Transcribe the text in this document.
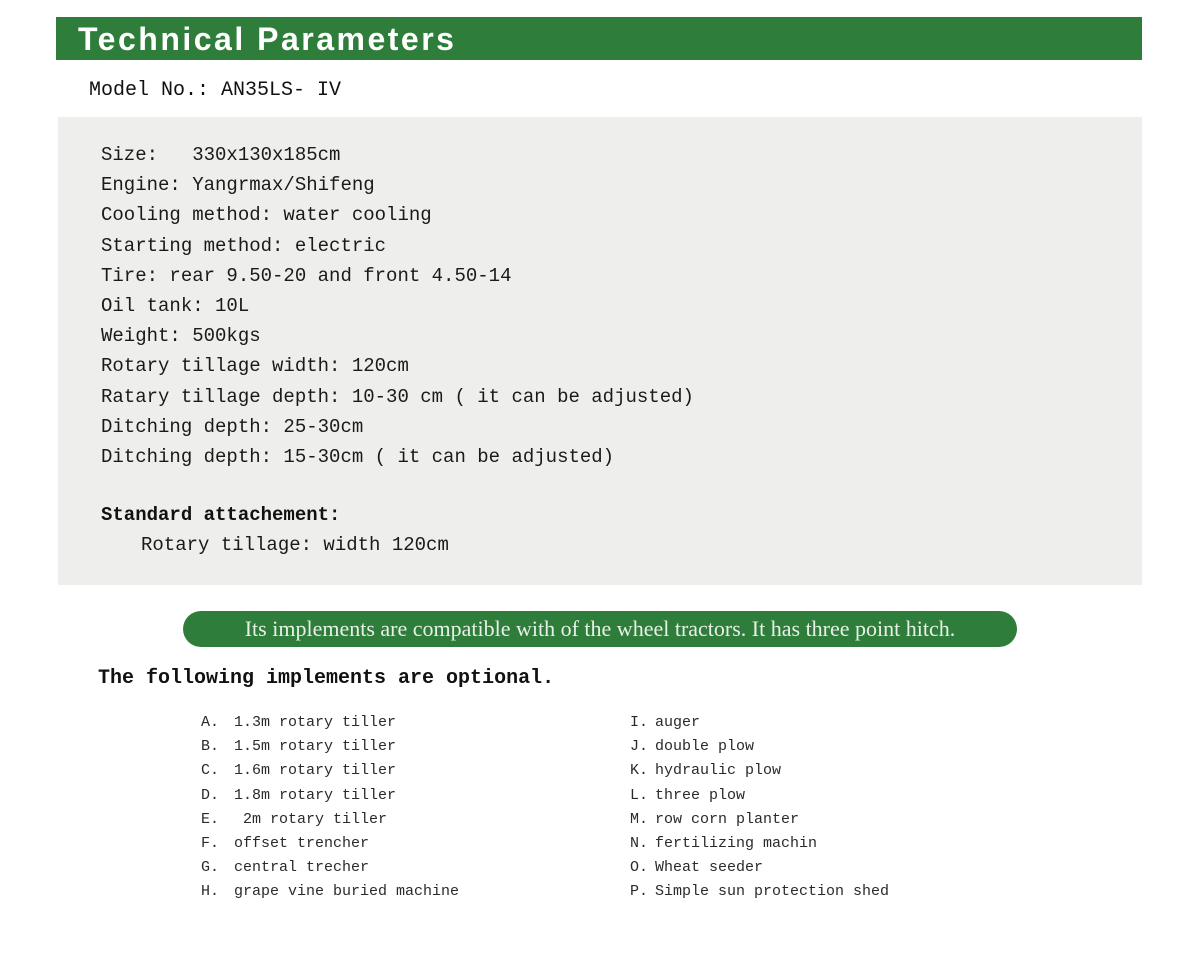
Technical Parameters
Model No.: AN35LS- IV
Size:   330x130x185cm
Engine: Yangrmax/Shifeng
Cooling method: water cooling
Starting method: electric
Tire: rear 9.50-20 and front 4.50-14
Oil tank: 10L
Weight: 500kgs
Rotary tillage width: 120cm
Ratary tillage depth: 10-30 cm ( it can be adjusted)
Ditching depth: 25-30cm
Ditching depth: 15-30cm ( it can be adjusted)
Standard attachement:
Rotary tillage: width 120cm
Its implements are compatible with of the wheel tractors. It has three point hitch.
The following implements are optional.
A. 1.3m rotary tiller
B. 1.5m rotary tiller
C. 1.6m rotary tiller
D. 1.8m rotary tiller
E. 2m rotary tiller
F. offset trencher
G. central trecher
H. grape vine buried machine
I. auger
J. double plow
K. hydraulic plow
L. three plow
M. row corn planter
N. fertilizing machin
O. Wheat seeder
P. Simple sun protection shed
